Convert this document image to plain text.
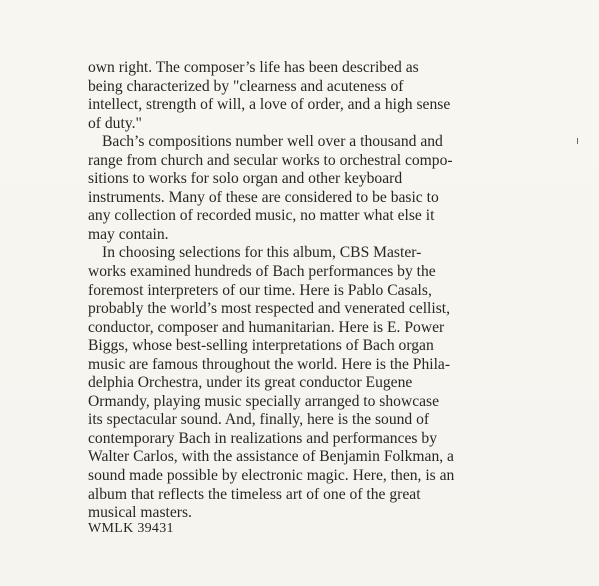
own right. The composer’s life has been described as
being characterized by "clearness and acuteness of
intellect, strength of will, a love of order, and a high sense
of duty."
Bach’s compositions number well over a thousand and
range from church and secular works to orchestral compo-
sitions to works for solo organ and other keyboard
instruments. Many of these are considered to be basic to
any collection of recorded music, no matter what else it
may contain.
In choosing selections for this album, CBS Master-
works examined hundreds of Bach performances by the
foremost interpreters of our time. Here is Pablo Casals,
probably the world’s most respected and venerated cellist,
conductor, composer and humanitarian. Here is E. Power
Biggs, whose best-selling interpretations of Bach organ
music are famous throughout the world. Here is the Phila-
delphia Orchestra, under its great conductor Eugene
Ormandy, playing music specially arranged to showcase
its spectacular sound. And, finally, here is the sound of
contemporary Bach in realizations and performances by
Walter Carlos, with the assistance of Benjamin Folkman, a
sound made possible by electronic magic. Here, then, is an
album that reflects the timeless art of one of the great
musical masters.
WMLK 39431
